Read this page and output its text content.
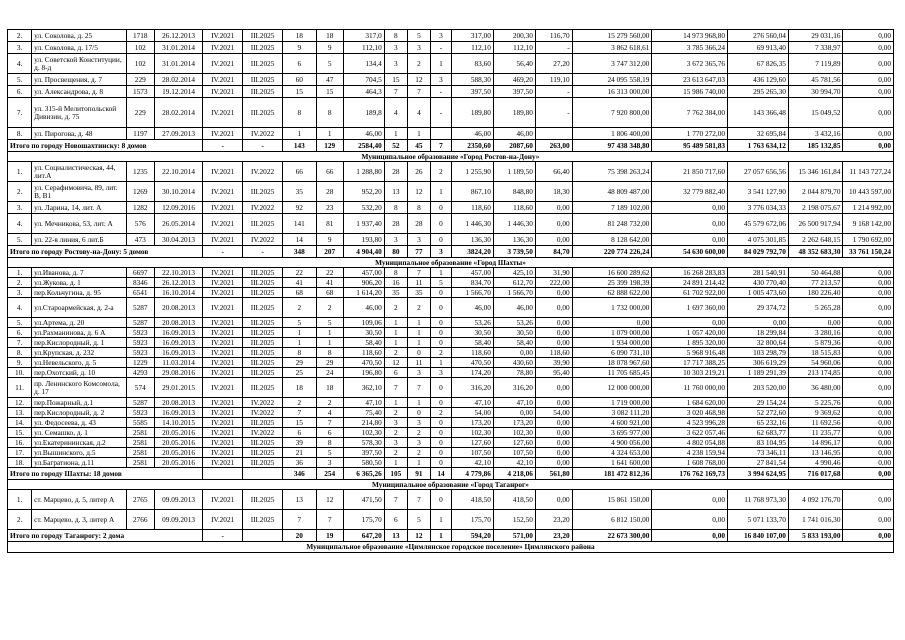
2.	ул. Соколова, д. 25	1718	26.12.2013	IV.2021	III.2025	18	18	317,0	8	5	3	317,00	200,30	116,70	15 279 560,00	14 973 968,80	276 560,04	29 031,16	0,00
3.	ул. Соколова, д. 17/5	102	31.01.2014	IV.2021	III.2025	9	9	112,10	3	3	-	112,10	112,10	-	3 862 618,61	3 785 366,24	69 913,40	7 338,97	0,00
4.	ул. Советской Конституции, д. 8-д	102	31.01.2014	IV.2021	III.2025	6	5	134,4	3	2	1	83,60	56,40	27,20	3 747 312,00	3 672 365,76	67 826,35	7 119,89	0,00
5.	ул. Просвещения, д. 7	229	28.02.2014	IV.2021	III.2025	60	47	704,5	15	12	3	588,30	469,20	119,10	24 095 558,19	23 613 647,03	436 129,60	45 781,56	0,00
6.	ул. Александрова, д. 8	1573	19.12.2014	IV.2021	III.2025	15	15	464,3	7	7	-	397,50	397,50	-	16 313 000,00	15 986 740,00	295 265,30	30 994,70	0,00
7.	ул. 315-й Мелитопольской Дивизии, д. 75	229	28.02.2014	IV.2021	III.2025	8	8	189,8	4	4	-	189,80	189,80	-	7 920 800,00	7 762 384,00	143 366,48	15 049,52	0,00
8.	ул. Пирогова, д. 48	1197	27.09.2013	IV.2021	IV.2022	1	1	46,00	1	1		46,00	46,00		1 806 400,00	1 770 272,00	32 695,84	3 432,16	0,00
Итого по городу Новошахтинску: 8 домов				-	-	143	129	2584,40	52	45	7	2350,60	2087,60	263,00	97 438 348,80	95 489 581,83	1 763 634,12	185 132,85	0,00
Муниципальное образование «Город Ростов-на-Дону»																			
1.	ул. Социалистическая, 44, лит.А	1235	22.10.2014	IV.2021	IV.2022	66	66	1 288,80	28	26	2	1 255,90	1 189,50	66,40	75 398 263,24	21 850 717,60	27 057 656,56	15 346 161,84	11 143 727,24
2.	ул. Серафимовича, 89, лит. В, В1	1269	30.10.2014	IV.2021	III.2025	35	28	952,20	13	12	1	867,10	848,80	18,30	48 809 487,00	32 779 882,40	3 541 127,90	2 044 879,70	10 443 597,00
3.	ул. Ларина, 14, лит. А	1282	12.09.2016	IV.2021	IV.2022	92	23	532,20	8	8	0	118,60	118,60	0,00	7 189 102,00	0,00	3 776 034,33	2 198 075,67	1 214 992,00
4.	ул. Мечникова, 53, лит. А	576	26.05.2014	IV.2021	III.2025	141	81	1 937,40	28	28	0	1 446,30	1 446,30	0,00	81 248 732,00	0,00	45 579 672,06	26 500 917,94	9 168 142,00
5.	ул. 22-я линия, 6 лит.Б	473	30.04.2013	IV.2021	IV.2022	14	9	193,80	3	3	0	136,30	136,30	0,00	8 128 642,00	0,00	4 075 301,85	2 262 648,15	1 790 692,00
Итого по городу Ростову-на-Дону: 5 домов				-	-	348	207	4 904,40	80	77	3	3824,20	3 739,50	84,70	220 774 226,24	54 630 600,00	84 029 792,70	48 352 683,30	33 761 150,24
Муниципальное образование «Город Шахты»																			
1.	ул.Иванова, д. 7	6697	22.10.2013	IV.2021	III.2025	22	22	457,00	8	7	1	457,00	425,10	31,90	16 600 289,62	16 268 283,83	281 540,91	50 464,88	0,00
2.	ул.Жукова, д. 1	8346	26.12.2013	IV.2021	III.2025	41	41	906,20	16	11	5	834,70	612,70	222,00	25 399 198,39	24 891 214,42	430 770,40	77 213,57	0,00
3.	пер.Кольчугина, д. 95	6541	16.10.2014	IV.2021	III.2025	68	68	1 614,20	35	35	0	1 566,70	1 566,70	0,00	62 888 622,00	61 702 922,00	1 005 473,60	180 226,40	0,00
4.	ул.Староармейская, д. 2-а	5287	20.08.2013	IV.2021	III.2025	2	2	46,00	2	2	0	46,00	46,00	0,00	1 732 000,00	1 697 360,00	29 374,72	5 265,28	0,00
5.	ул.Артема, д. 20	5287	20.08.2013	IV.2021	III.2025	5	5	109,06	1	1	0	53,26	53,26	0,00	0,00	0,00	0,00	0,00	0,00
6.	ул.Рахманинова, д. 6 А	5923	16.09.2013	IV.2021	III.2025	1	1	30,50	1	1	0	30,50	30,50	0,00	1 079 000,00	1 057 420,00	18 299,84	3 280,16	0,00
7.	пер.Кислородный, д. 1	5923	16.09.2013	IV.2021	III.2025	1	1	58,40	1	1	0	58,40	58,40	0,00	1 934 000,00	1 895 320,00	32 800,64	5 879,36	0,00
8.	ул.Крупская, д. 232	5923	16.09.2013	IV.2021	III.2025	8	8	118,60	2	0	2	118,60	0,00	118,60	6 090 731,10	5 968 916,48	103 298,79	18 515,83	0,00
9.	ул.Невельского, д. 5	1229	11.03.2014	IV.2021	III.2025	29	29	470,50	12	11	1	470,50	430,60	39,90	18 078 967,60	17 717 388,25	306 619,29	54 960,06	0,00
10.	пер.Охотский, д. 10	4293	29.08.2016	IV.2021	III.2025	25	24	196,80	6	3	3	174,20	78,80	95,40	11 705 685,45	10 303 219,21	1 189 291,39	213 174,85	0,00
11.	пр. Ленинского Комсомола, д. 17	574	29.01.2015	IV.2021	III.2025	18	18	362,10	7	7	0	316,20	316,20	0,00	12 000 000,00	11 760 000,00	203 520,00	36 480,00	0,00
12.	пер.Пожарный, д.1	5287	20.08.2013	IV.2021	IV.2022	2	2	47,10	1	1	0	47,10	47,10	0,00	1 719 000,00	1 684 620,00	29 154,24	5 225,76	0,00
13.	пер.Кислородный, д. 2	5923	16.09.2013	IV.2021	IV.2022	7	4	75,40	2	0	2	54,00	0,00	54,00	3 082 111,20	3 020 468,98	52 272,60	9 369,62	0,00
14.	ул. Федосеева, д. 43	5585	14.10.2015	IV.2021	III.2025	15	7	214,80	3	3	0	173,20	173,20	0,00	4 600 921,00	4 523 996,28	65 232,16	11 692,56	0,00
15.	ул. Семашко, д. 1	2581	20.05.2016	IV.2021	IV.2022	6	6	102,30	2	2	0	102,30	102,30	0,00	3 695 977,00	3 622 057,46	62 683,77	11 235,77	0,00
16.	ул.Екатерининская, д.2	2581	20.05.2016	IV.2021	III.2025	39	8	578,30	3	3	0	127,60	127,60	0,00	4 900 056,00	4 802 054,88	83 104,95	14 896,17	0,00
17.	ул.Вышинского, д.5	2581	20.05.2016	IV.2021	III.2025	21	5	397,50	2	2	0	107,50	107,50	0,00	4 324 653,00	4 238 159,94	73 346,11	13 146,95	0,00
18.	ул.Багратиона, д.11	2581	20.05.2016	IV.2021	III.2025	36	3	580,50	1	1	0	42,10	42,10	0,00	1 641 600,00	1 608 768,00	27 841,54	4 990,46	0,00
Итого по городу Шахты: 18 домов						346	254	6 365,26	105	91	14	4 779,86	4 218,06	561,80	181 472 812,36	176 762 169,73	3 994 624,95	716 017,68	0,00
Муниципальное образование «Город Таганрог»																			
1.	ст. Марцево, д. 5, литер А	2765	09.09.2013	IV.2021	III.2025	13	12	471,50	7	7	0	418,50	418,50	0,00	15 861 150,00	0,00	11 768 973,30	4 092 176,70	0,00
2.	ст. Марцево, д. 3, литер А	2766	09.09.2013	IV.2021	III.2025	7	7	175,70	6	5	1	175,70	152,50	23,20	6 812 150,00	0,00	5 071 133,70	1 741 016,30	0,00
Итого по городу Таганрогу: 2 дома				-		20	19	647,20	13	12	1	594,20	571,00	23,20	22 673 300,00	0,00	16 840 107,00	5 833 193,00	0,00
Муниципальное образование «Цимлянское городское поселение» Цимлянского района																			
